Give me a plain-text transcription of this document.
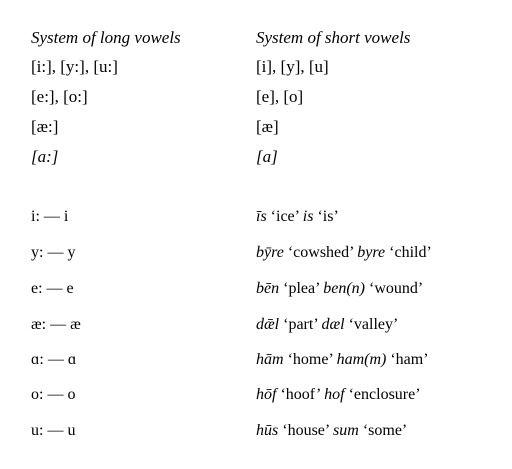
System of long vowels	System of short vowels
[i:], [y:], [u:]	[i], [y], [u]
[e:], [o:]	[e], [o]
[æ:]	[æ]
[a:]	[a]
i: — i	īs ‘ice’ is ‘is’
y: — y	bȳre ‘cowshed’ byre ‘child’
e: — e	bēn ‘plea’ ben(n) ‘wound’
æ: — æ	dǣl ‘part’ dæl ‘valley’
ɑ: — ɑ	hām ‘home’ ham(m) ‘ham’
o: — o	hōf ‘hoof’ hof ‘enclosure’
u: — u	hūs ‘house’ sum ‘some’
